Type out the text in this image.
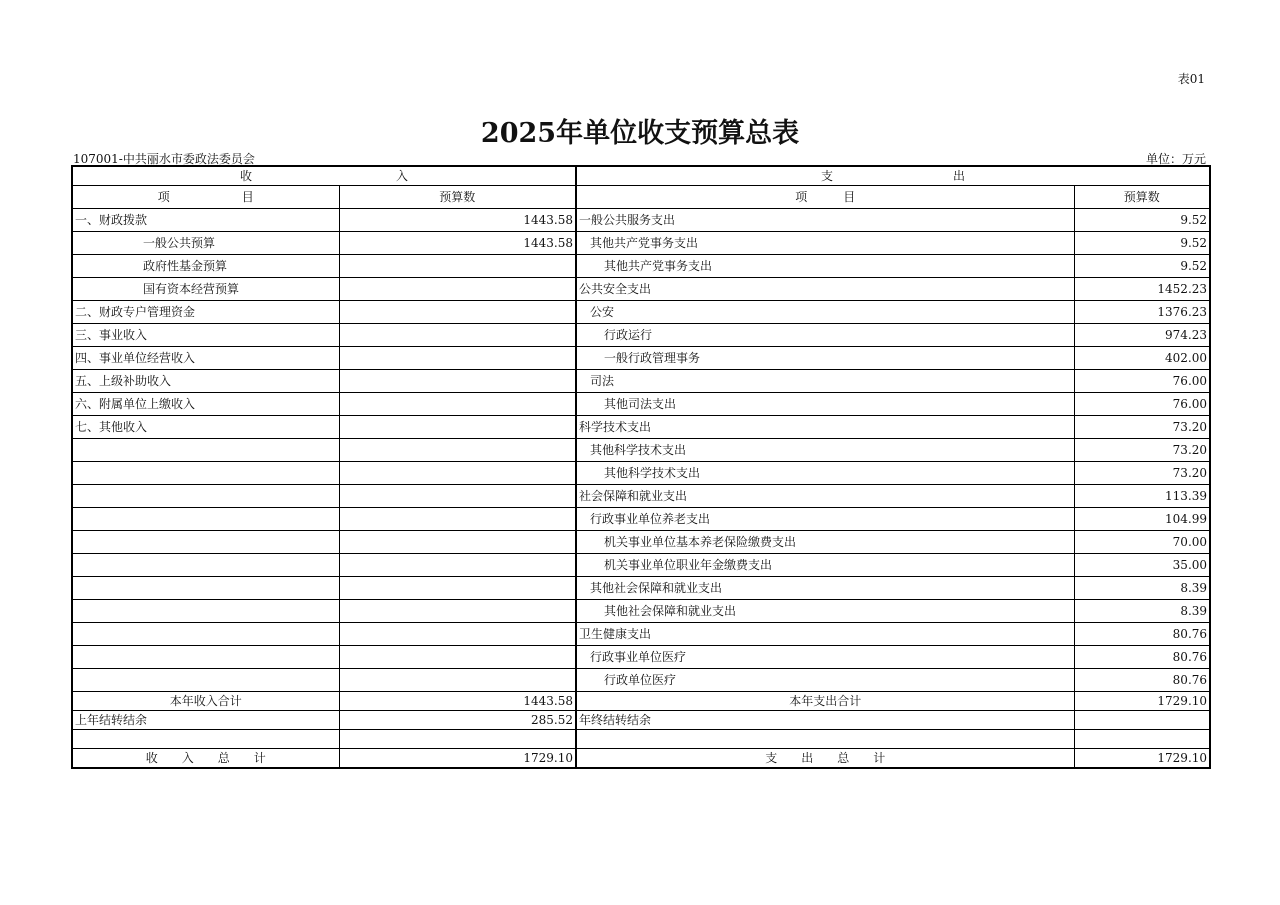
表01
2025年单位收支预算总表
107001-中共丽水市委政法委员会	单位：万元
收　　　　　　　　　　　　入		支　　　　　　　　　　出	
项　　　　　　目	预算数	项　　　目	预算数
一、财政拨款	1443.58	一般公共服务支出	9.52
一般公共预算	1443.58	其他共产党事务支出	9.52
政府性基金预算		其他共产党事务支出	9.52
国有资本经营预算		公共安全支出	1452.23
二、财政专户管理资金		公安	1376.23
三、事业收入		行政运行	974.23
四、事业单位经营收入		一般行政管理事务	402.00
五、上级补助收入		司法	76.00
六、附属单位上缴收入		其他司法支出	76.00
七、其他收入		科学技术支出	73.20
		其他科学技术支出	73.20
		其他科学技术支出	73.20
		社会保障和就业支出	113.39
		行政事业单位养老支出	104.99
		机关事业单位基本养老保险缴费支出	70.00
		机关事业单位职业年金缴费支出	35.00
		其他社会保障和就业支出	8.39
		其他社会保障和就业支出	8.39
		卫生健康支出	80.76
		行政事业单位医疗	80.76
		行政单位医疗	80.76
本年收入合计	1443.58	本年支出合计	1729.10
上年结转结余	285.52	年终结转结余	

收　　入　　总　　计	1729.10	支　　出　　总　　计	1729.10
